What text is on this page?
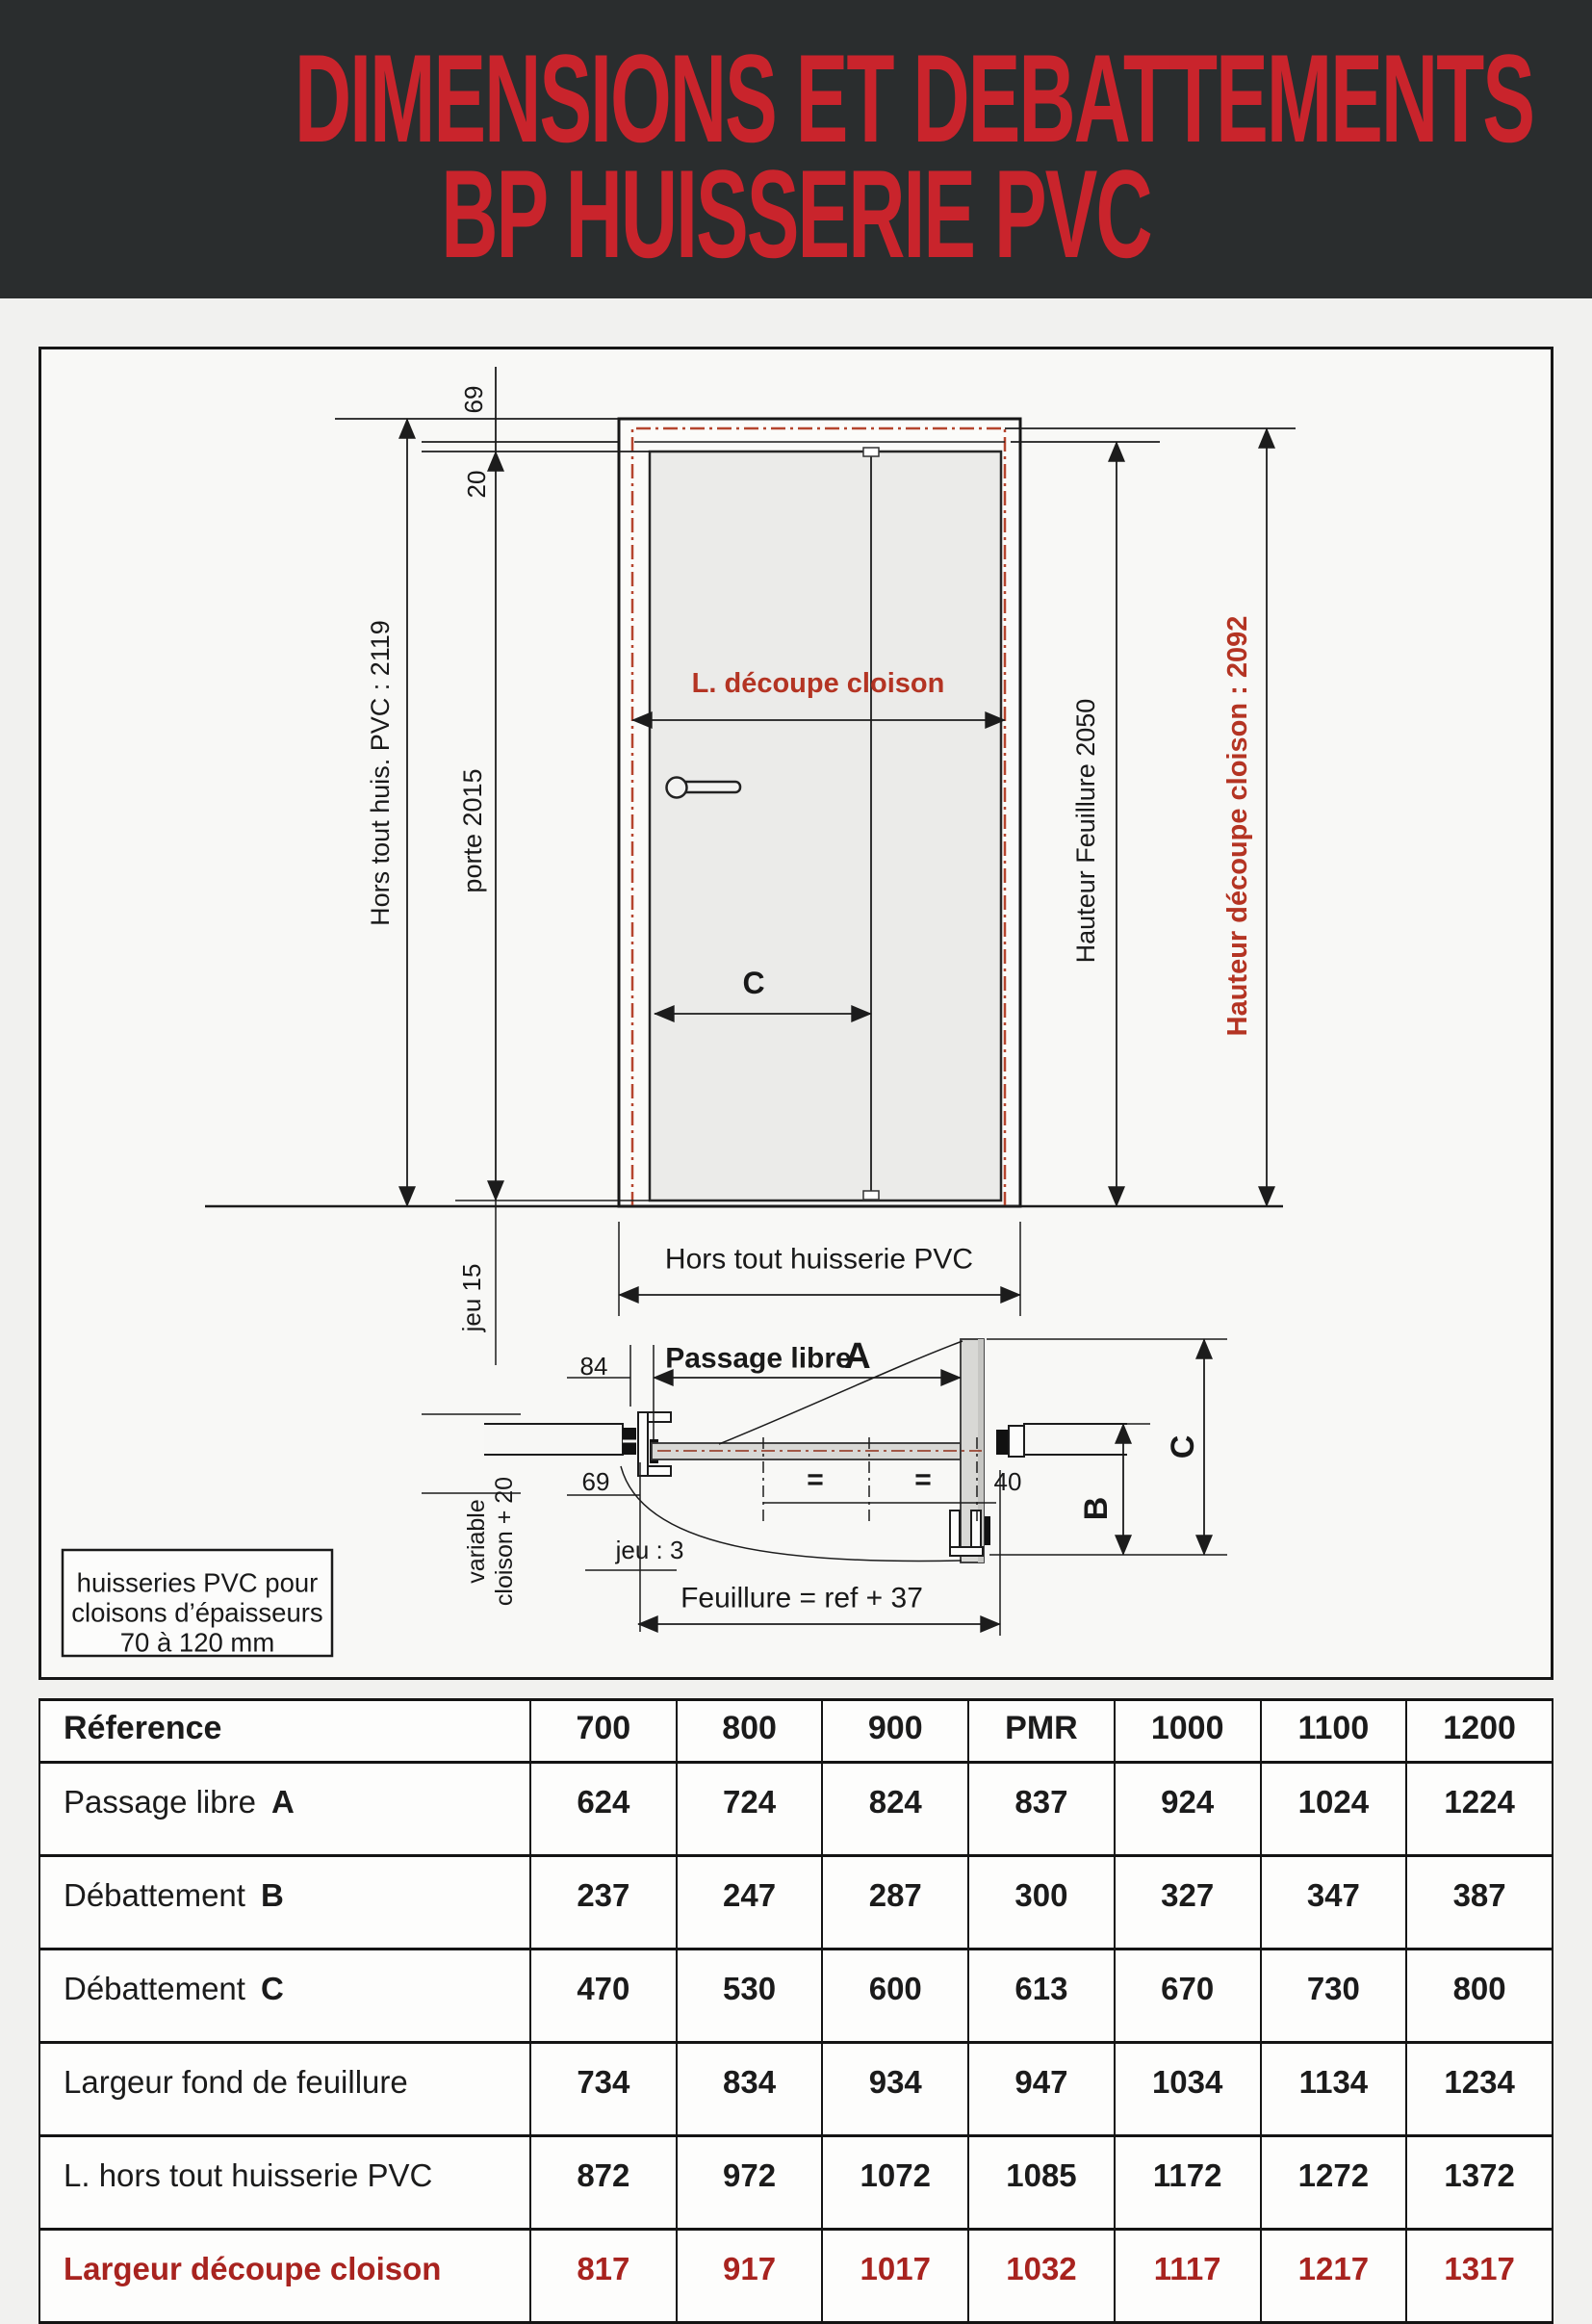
DIMENSIONS ET DEBATTEMENTS
BP HUISSERIE PVC
69
20
Hors tout huis. PVC : 2119 porte 2015
jeu 15
Hauteur Feuillure 2050	Hauteur découpe cloison : 2092
L. découpe cloison
C
Hors tout huisserie PVC
Passage libre
A
84
69
jeu : 3
Feuillure = ref + 37
=	= 40
B
C
variable cloison + 20
huisseries PVC pour
cloisons d’épaisseurs
70 à 120 mm
Réference	700	800	900	PMR	1000	1100	1200
Passage libre A	624	724	824	837	924	1024	1224
Débattement B	237	247	287	300	327	347	387
Débattement C	470	530	600	613	670	730	800
Largeur fond de feuillure	734	834	934	947	1034	1134	1234
L. hors tout huisserie PVC	872	972	1072	1085	1172	1272	1372
Largeur découpe cloison	817	917	1017	1032	1117	1217	1317
